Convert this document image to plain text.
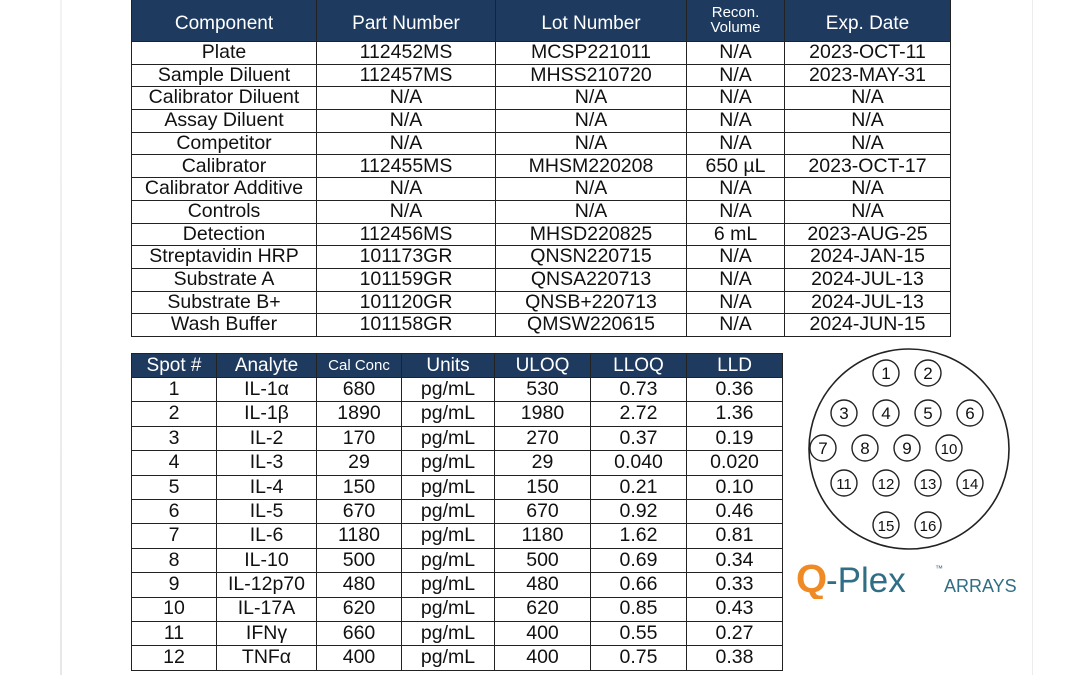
Component	Part Number	Lot Number	Recon. Volume	Exp. Date
Plate	112452MS	MCSP221011	N/A	2023-OCT-11
Sample Diluent	112457MS	MHSS210720	N/A	2023-MAY-31
Calibrator Diluent	N/A	N/A	N/A	N/A
Assay Diluent	N/A	N/A	N/A	N/A
Competitor	N/A	N/A	N/A	N/A
Calibrator	112455MS	MHSM220208	650 µL	2023-OCT-17
Calibrator Additive	N/A	N/A	N/A	N/A
Controls	N/A	N/A	N/A	N/A
Detection	112456MS	MHSD220825	6 mL	2023-AUG-25
Streptavidin HRP	101173GR	QNSN220715	N/A	2024-JAN-15
Substrate A	101159GR	QNSA220713	N/A	2024-JUL-13
Substrate B+	101120GR	QNSB+220713	N/A	2024-JUL-13
Wash Buffer	101158GR	QMSW220615	N/A	2024-JUN-15
Spot #	Analyte	Cal Conc	Units	ULOQ	LLOQ	LLD
1	IL-1α	680	pg/mL	530	0.73	0.36
2	IL-1β	1890	pg/mL	1980	2.72	1.36
3	IL-2	170	pg/mL	270	0.37	0.19
4	IL-3	29	pg/mL	29	0.040	0.020
5	IL-4	150	pg/mL	150	0.21	0.10
6	IL-5	670	pg/mL	670	0.92	0.46
7	IL-6	1180	pg/mL	1180	1.62	0.81
8	IL-10	500	pg/mL	500	0.69	0.34
9	IL-12p70	480	pg/mL	480	0.66	0.33
10	IL-17A	620	pg/mL	620	0.85	0.43
11	IFNγ	660	pg/mL	400	0.55	0.27
12	TNFα	400	pg/mL	400	0.75	0.38
1 2
3 4 5 6
7 8 9 10
11 12 13 14
15 16
Q
-Plex	™
ARRAYS
